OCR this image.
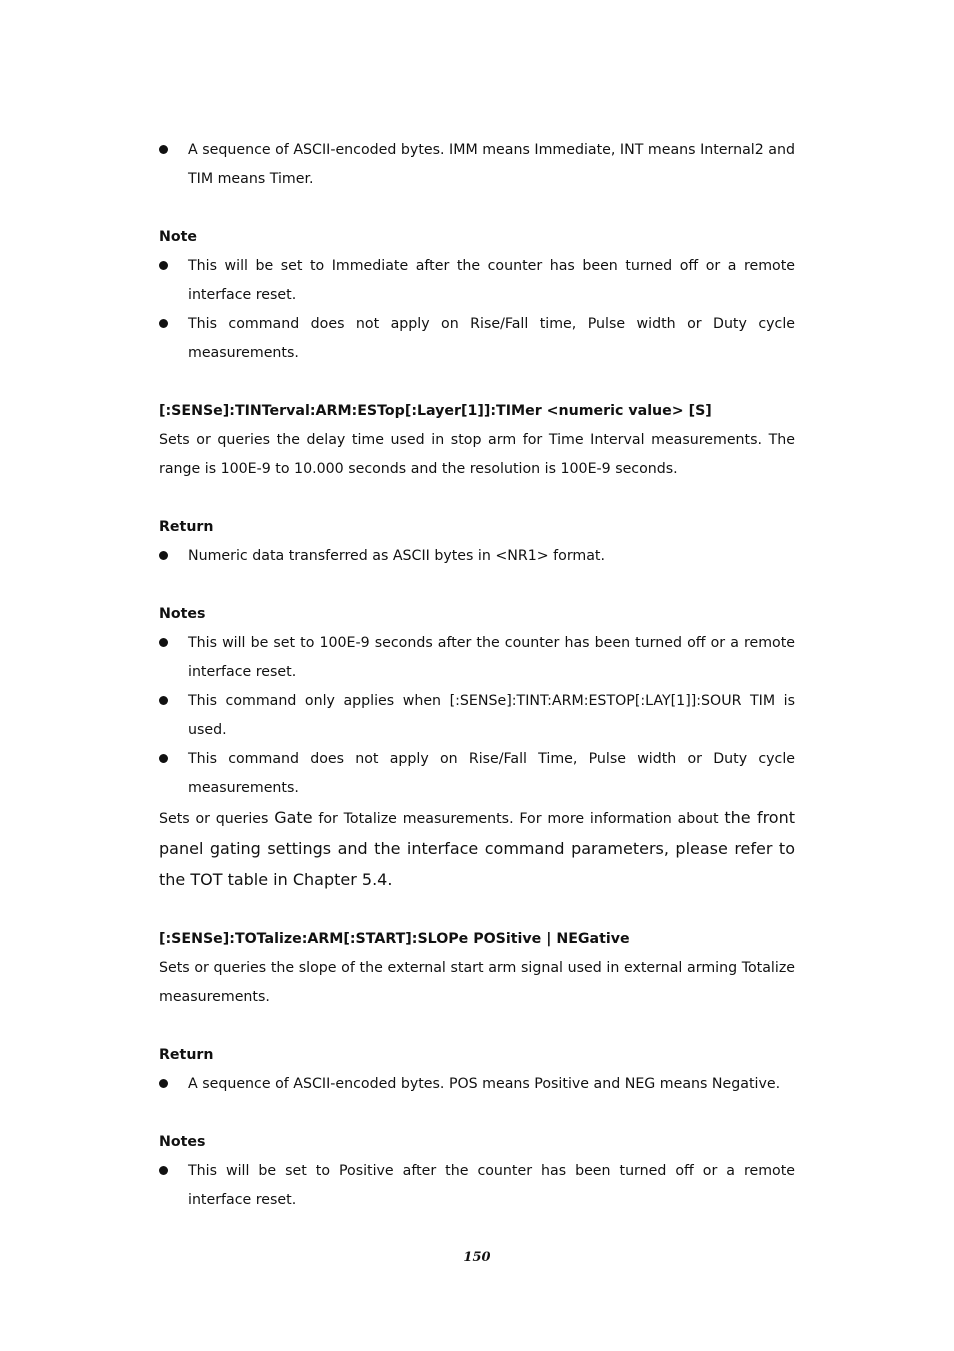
A sequence of ASCII-encoded bytes. IMM means Immediate, INT means Internal2 and TIM means Timer.

Note

This will be set to Immediate after the counter has been turned off or a remote interface reset.
This command does not apply on Rise/Fall time, Pulse width or Duty cycle measurements.

[:SENSe]:TINTerval:ARM:ESTop[:Layer[1]]:TIMer <numeric value> [S]

Sets or queries the delay time used in stop arm for Time Interval measurements. The range is 100E-9 to 10.000 seconds and the resolution is 100E-9 seconds.

Return

Numeric data transferred as ASCII bytes in <NR1> format.

Notes

This will be set to 100E-9 seconds after the counter has been turned off or a remote interface reset.
This command only applies when [:SENSe]:TINT:ARM:ESTOP[:LAY[1]]:SOUR TIM is used.
This command does not apply on Rise/Fall Time, Pulse width or Duty cycle measurements.

Sets or queries Gate for Totalize measurements. For more information about the front panel gating settings and the interface command parameters, please refer to the TOT table in Chapter 5.4.

[:SENSe]:TOTalize:ARM[:START]:SLOPe POSitive | NEGative

Sets or queries the slope of the external start arm signal used in external arming Totalize measurements.

Return

A sequence of ASCII-encoded bytes. POS means Positive and NEG means Negative.

Notes

This will be set to Positive after the counter has been turned off or a remote interface reset.
150
